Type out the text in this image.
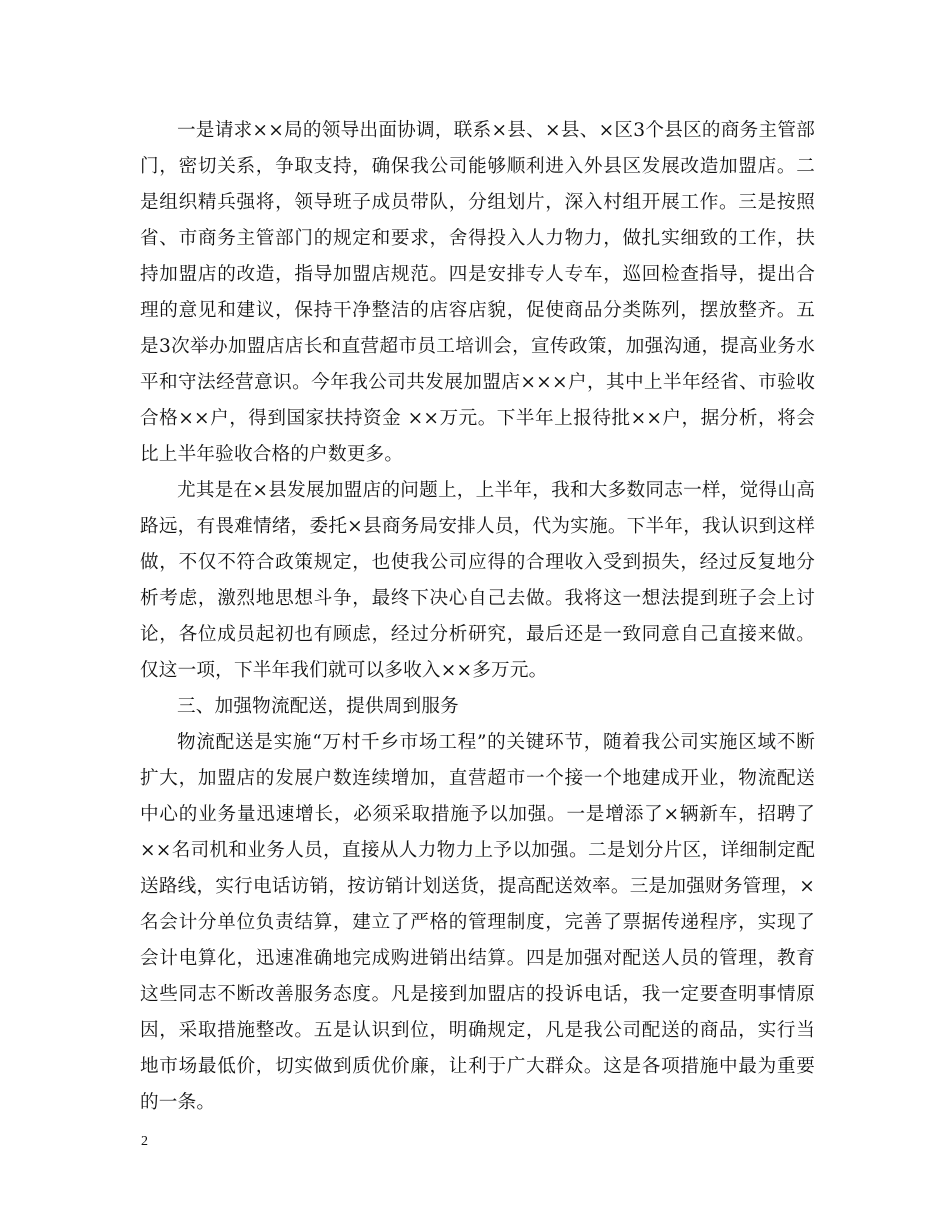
一是请求××局的领导出面协调，联系×县、×县、×区3个县区的商务主管部门，密切关系，争取支持，确保我公司能够顺利进入外县区发展改造加盟店。二是组织精兵强将，领导班子成员带队，分组划片，深入村组开展工作。三是按照省、市商务主管部门的规定和要求，舍得投入人力物力，做扎实细致的工作，扶持加盟店的改造，指导加盟店规范。四是安排专人专车，巡回检查指导，提出合理的意见和建议，保持干净整洁的店容店貌，促使商品分类陈列，摆放整齐。五是3次举办加盟店店长和直营超市员工培训会，宣传政策，加强沟通，提高业务水平和守法经营意识。今年我公司共发展加盟店×××户，其中上半年经省、市验收合格××户，得到国家扶持资金 ××万元。下半年上报待批××户，据分析，将会比上半年验收合格的户数更多。

尤其是在×县发展加盟店的问题上，上半年，我和大多数同志一样，觉得山高路远，有畏难情绪，委托×县商务局安排人员，代为实施。下半年，我认识到这样做，不仅不符合政策规定，也使我公司应得的合理收入受到损失，经过反复地分析考虑，激烈地思想斗争，最终下决心自己去做。我将这一想法提到班子会上讨论，各位成员起初也有顾虑，经过分析研究，最后还是一致同意自己直接来做。仅这一项，下半年我们就可以多收入××多万元。

三、加强物流配送，提供周到服务

物流配送是实施“万村千乡市场工程”的关键环节，随着我公司实施区域不断扩大，加盟店的发展户数连续增加，直营超市一个接一个地建成开业，物流配送中心的业务量迅速增长，必须采取措施予以加强。一是增添了×辆新车，招聘了××名司机和业务人员，直接从人力物力上予以加强。二是划分片区，详细制定配送路线，实行电话访销，按访销计划送货，提高配送效率。三是加强财务管理，×名会计分单位负责结算，建立了严格的管理制度，完善了票据传递程序，实现了会计电算化，迅速准确地完成购进销出结算。四是加强对配送人员的管理，教育这些同志不断改善服务态度。凡是接到加盟店的投诉电话，我一定要查明事情原因，采取措施整改。五是认识到位，明确规定，凡是我公司配送的商品，实行当地市场最低价，切实做到质优价廉，让利于广大群众。这是各项措施中最为重要的一条。

2
